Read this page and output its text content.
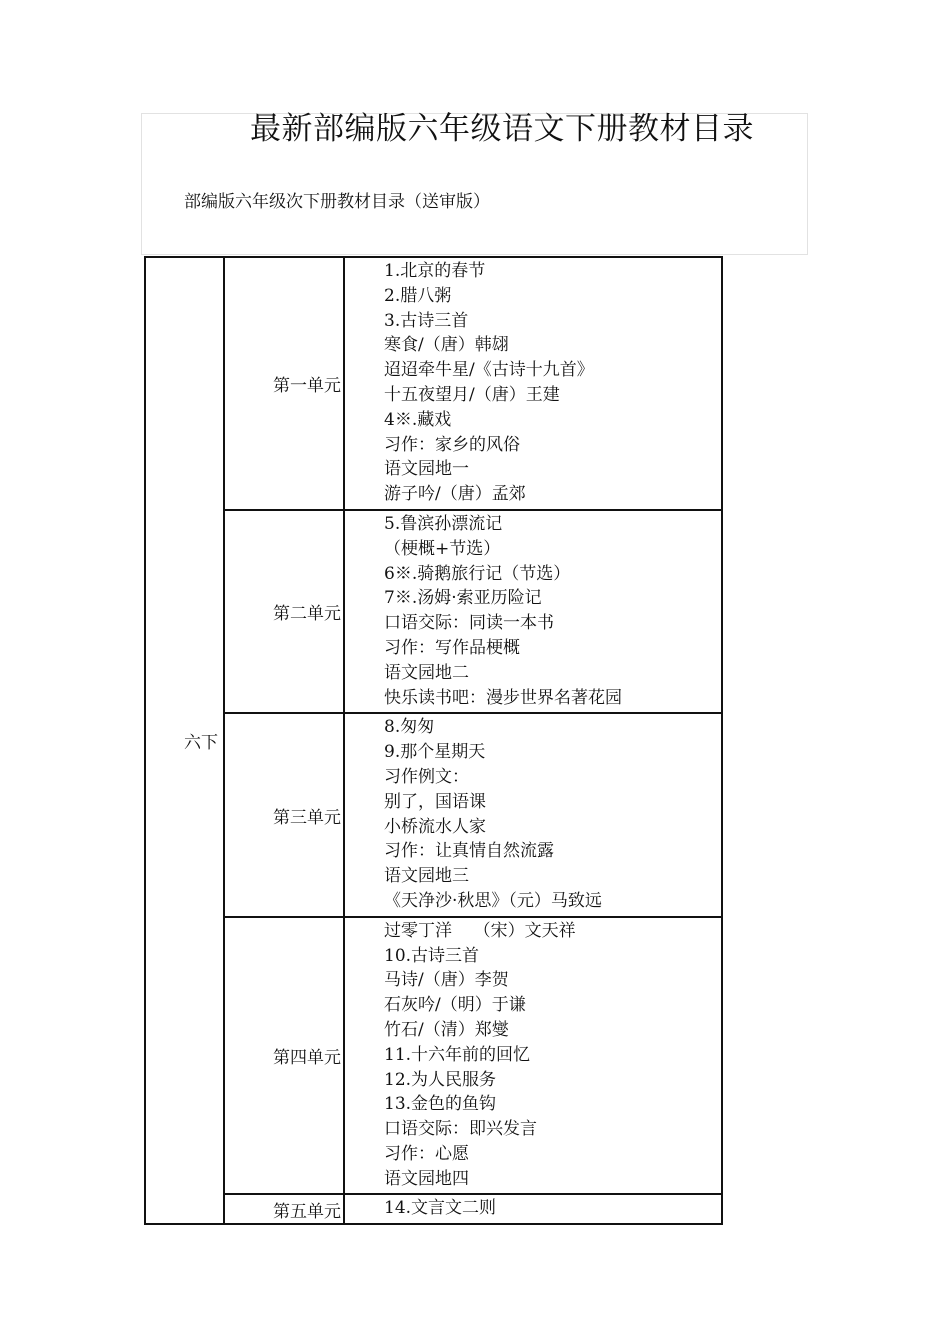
最新部编版六年级语文下册教材目录
部编版六年级次下册教材目录（送审版）
六下
第一单元
1.北京的春节
2.腊八粥
3.古诗三首
寒食/（唐）韩翃
迢迢牵牛星/《古诗十九首》
十五夜望月/（唐）王建
4※.藏戏
习作：家乡的风俗
语文园地一
游子吟/（唐）孟郊
第二单元
5.鲁滨孙漂流记
（梗概+节选）
6※.骑鹅旅行记（节选）
7※.汤姆·索亚历险记
口语交际：同读一本书
习作：写作品梗概
语文园地二
快乐读书吧：漫步世界名著花园
第三单元
8.匆匆
9.那个星期天
习作例文：
别了，国语课
小桥流水人家
习作：让真情自然流露
语文园地三
《天净沙·秋思》（元）马致远
第四单元
过零丁洋    （宋）文天祥
10.古诗三首
马诗/（唐）李贺
石灰吟/（明）于谦
竹石/（清）郑燮
11.十六年前的回忆
12.为人民服务
13.金色的鱼钩
口语交际：即兴发言
习作：心愿
语文园地四
第五单元	14.文言文二则
